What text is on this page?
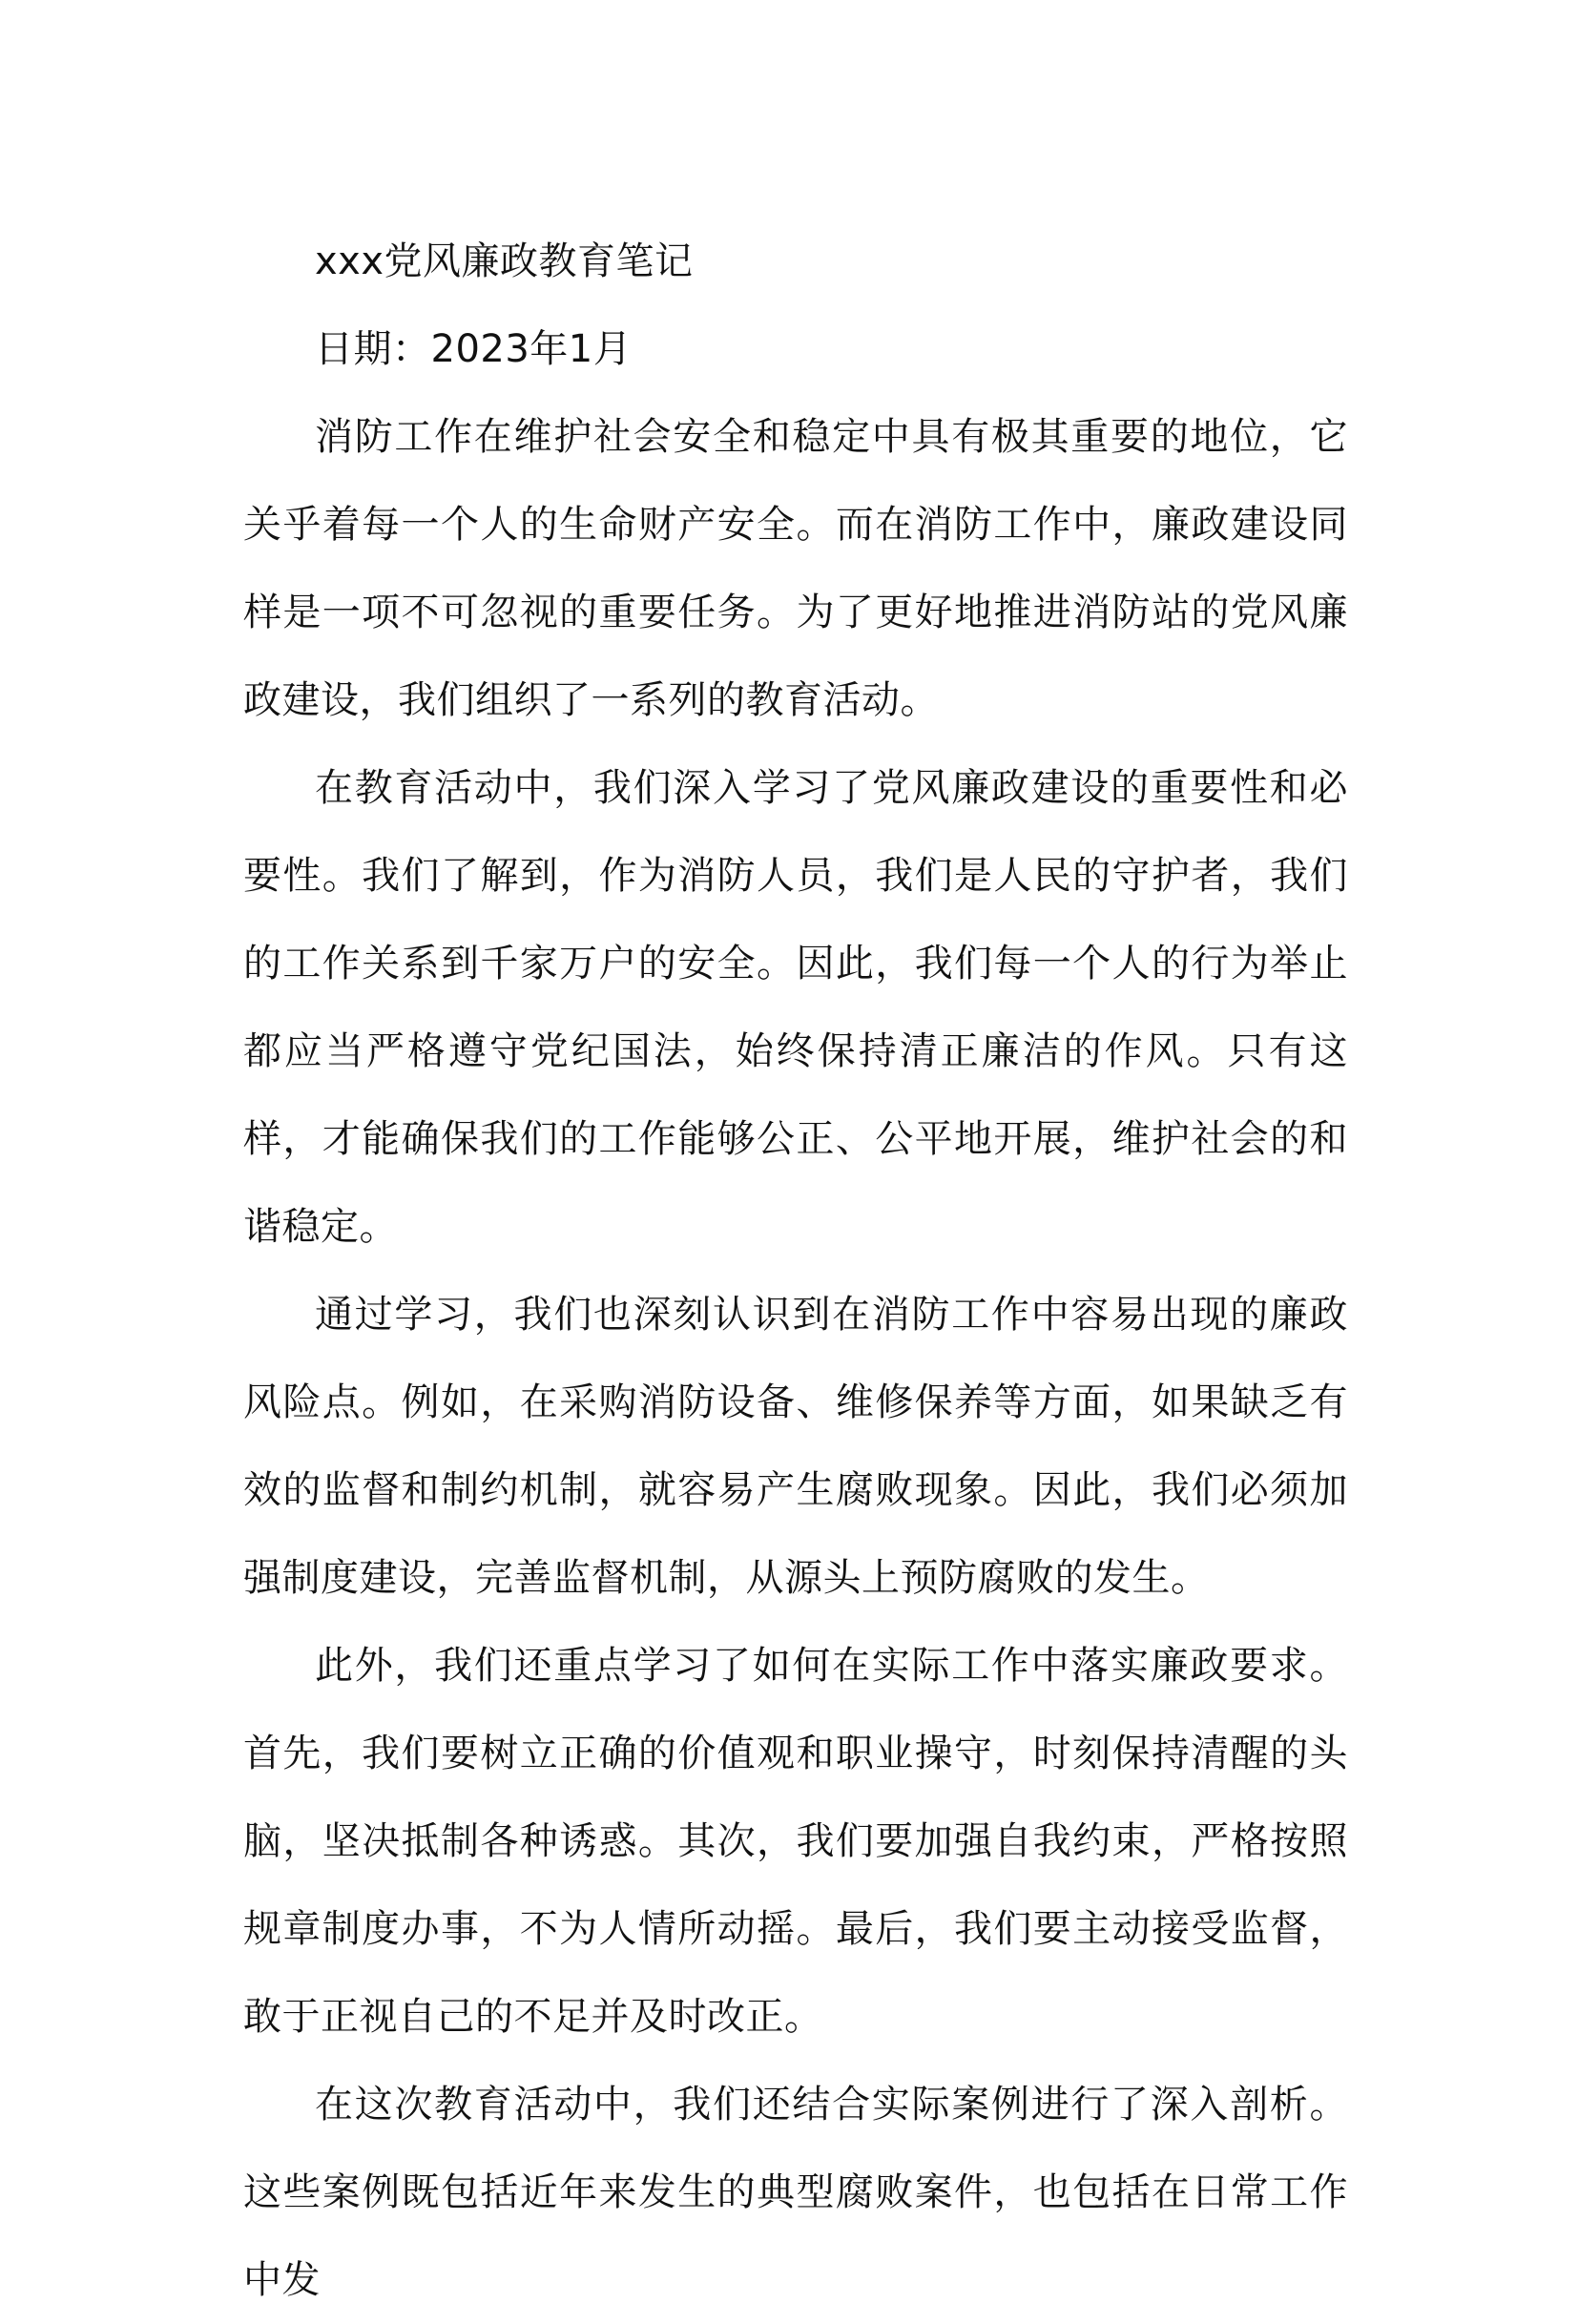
xxx党风廉政教育笔记

日期：2023年1月

消防工作在维护社会安全和稳定中具有极其重要的地位，它关乎着每一个人的生命财产安全。而在消防工作中，廉政建设同样是一项不可忽视的重要任务。为了更好地推进消防站的党风廉政建设，我们组织了一系列的教育活动。

在教育活动中，我们深入学习了党风廉政建设的重要性和必要性。我们了解到，作为消防人员，我们是人民的守护者，我们的工作关系到千家万户的安全。因此，我们每一个人的行为举止都应当严格遵守党纪国法，始终保持清正廉洁的作风。只有这样，才能确保我们的工作能够公正、公平地开展，维护社会的和谐稳定。

通过学习，我们也深刻认识到在消防工作中容易出现的廉政风险点。例如，在采购消防设备、维修保养等方面，如果缺乏有效的监督和制约机制，就容易产生腐败现象。因此，我们必须加强制度建设，完善监督机制，从源头上预防腐败的发生。

此外，我们还重点学习了如何在实际工作中落实廉政要求。首先，我们要树立正确的价值观和职业操守，时刻保持清醒的头脑，坚决抵制各种诱惑。其次，我们要加强自我约束，严格按照规章制度办事，不为人情所动摇。最后，我们要主动接受监督，敢于正视自己的不足并及时改正。

在这次教育活动中，我们还结合实际案例进行了深入剖析。这些案例既包括近年来发生的典型腐败案件，也包括在日常工作中发
